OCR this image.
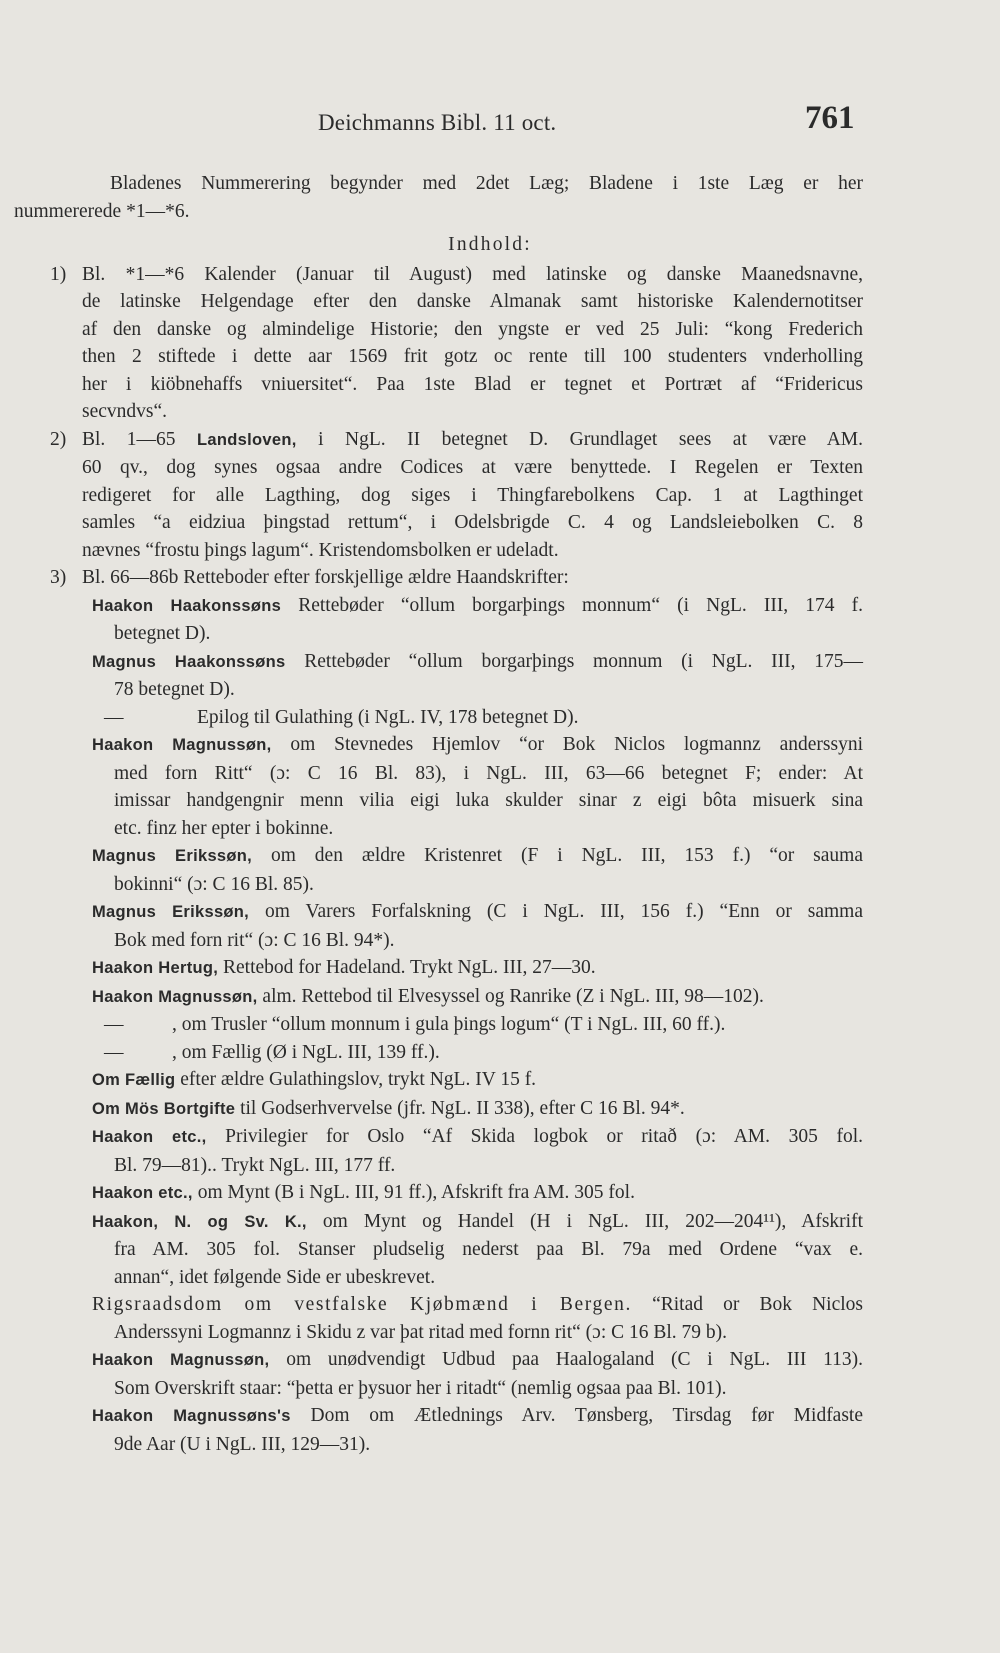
Deichmanns Bibl. 11 oct.	761
Bladenes Nummerering begynder med 2det Læg; Bladene i 1ste Læg er her
nummererede *1—*6.
Indhold:
1) Bl. *1—*6 Kalender (Januar til August) med latinske og danske Maanedsnavne,
de latinske Helgendage efter den danske Almanak samt historiske Kalendernotitser
af den danske og almindelige Historie; den yngste er ved 25 Juli: “kong Frederich
then 2 stiftede i dette aar 1569 frit gotz oc rente till 100 studenters vnderholling
her i kiöbnehaffs vniuersitet“. Paa 1ste Blad er tegnet et Portræt af “Fridericus
secvndvs“.
2) Bl. 1—65 Landsloven, i NgL. II betegnet D. Grundlaget sees at være AM.
60 qv., dog synes ogsaa andre Codices at være benyttede. I Regelen er Texten
redigeret for alle Lagthing, dog siges i Thingfarebolkens Cap. 1 at Lagthinget
samles “a eidziua þingstad rettum“, i Odelsbrigde C. 4 og Landsleiebolken C. 8
nævnes “frostu þings lagum“. Kristendomsbolken er udeladt.
3) Bl. 66—86b Retteboder efter forskjellige ældre Haandskrifter:
Haakon Haakonssøns Rettebøder “ollum borgarþings monnum“ (i NgL. III, 174 f.
betegnet D).
Magnus Haakonssøns Rettebøder “ollum borgarþings monnum (i NgL. III, 175—
78 betegnet D).
—	Epilog til Gulathing (i NgL. IV, 178 betegnet D).
Haakon Magnussøn, om Stevnedes Hjemlov “or Bok Niclos logmannz anderssyni
med forn Ritt“ (ɔ: C 16 Bl. 83), i NgL. III, 63—66 betegnet F; ender: At
imissar handgengnir menn vilia eigi luka skulder sinar z eigi bôta misuerk sina
etc. finz her epter i bokinne.
Magnus Erikssøn, om den ældre Kristenret (F i NgL. III, 153 f.) “or sauma
bokinni“ (ɔ: C 16 Bl. 85).
Magnus Erikssøn, om Varers Forfalskning (C i NgL. III, 156 f.) “Enn or samma
Bok med forn rit“ (ɔ: C 16 Bl. 94*).
Haakon Hertug, Rettebod for Hadeland. Trykt NgL. III, 27—30.
Haakon Magnussøn, alm. Rettebod til Elvesyssel og Ranrike (Z i NgL. III, 98—102).
— , om Trusler “ollum monnum i gula þings logum“ (T i NgL. III, 60 ff.).
— , om Fællig (Ø i NgL. III, 139 ff.).
Om Fællig efter ældre Gulathingslov, trykt NgL. IV 15 f.
Om Mös Bortgifte til Godserhvervelse (jfr. NgL. II 338), efter C 16 Bl. 94*.
Haakon etc., Privilegier for Oslo “Af Skida logbok or ritað (ɔ: AM. 305 fol.
Bl. 79—81).. Trykt NgL. III, 177 ff.
Haakon etc., om Mynt (B i NgL. III, 91 ff.), Afskrift fra AM. 305 fol.
Haakon, N. og Sv. K., om Mynt og Handel (H i NgL. III, 202—204¹¹), Afskrift
fra AM. 305 fol. Stanser pludselig nederst paa Bl. 79a med Ordene “vax e.
annan“, idet følgende Side er ubeskrevet.
Rigsraadsdom om vestfalske Kjøbmænd i Bergen. “Ritad or Bok Niclos
Anderssyni Logmannz i Skidu z var þat ritad med fornn rit“ (ɔ: C 16 Bl. 79 b).
Haakon Magnussøn, om unødvendigt Udbud paa Haalogaland (C i NgL. III 113).
Som Overskrift staar: “þetta er þysuor her i ritadt“ (nemlig ogsaa paa Bl. 101).
Haakon Magnussøns's Dom om Ætlednings Arv. Tønsberg, Tirsdag før Midfaste
9de Aar (U i NgL. III, 129—31).
